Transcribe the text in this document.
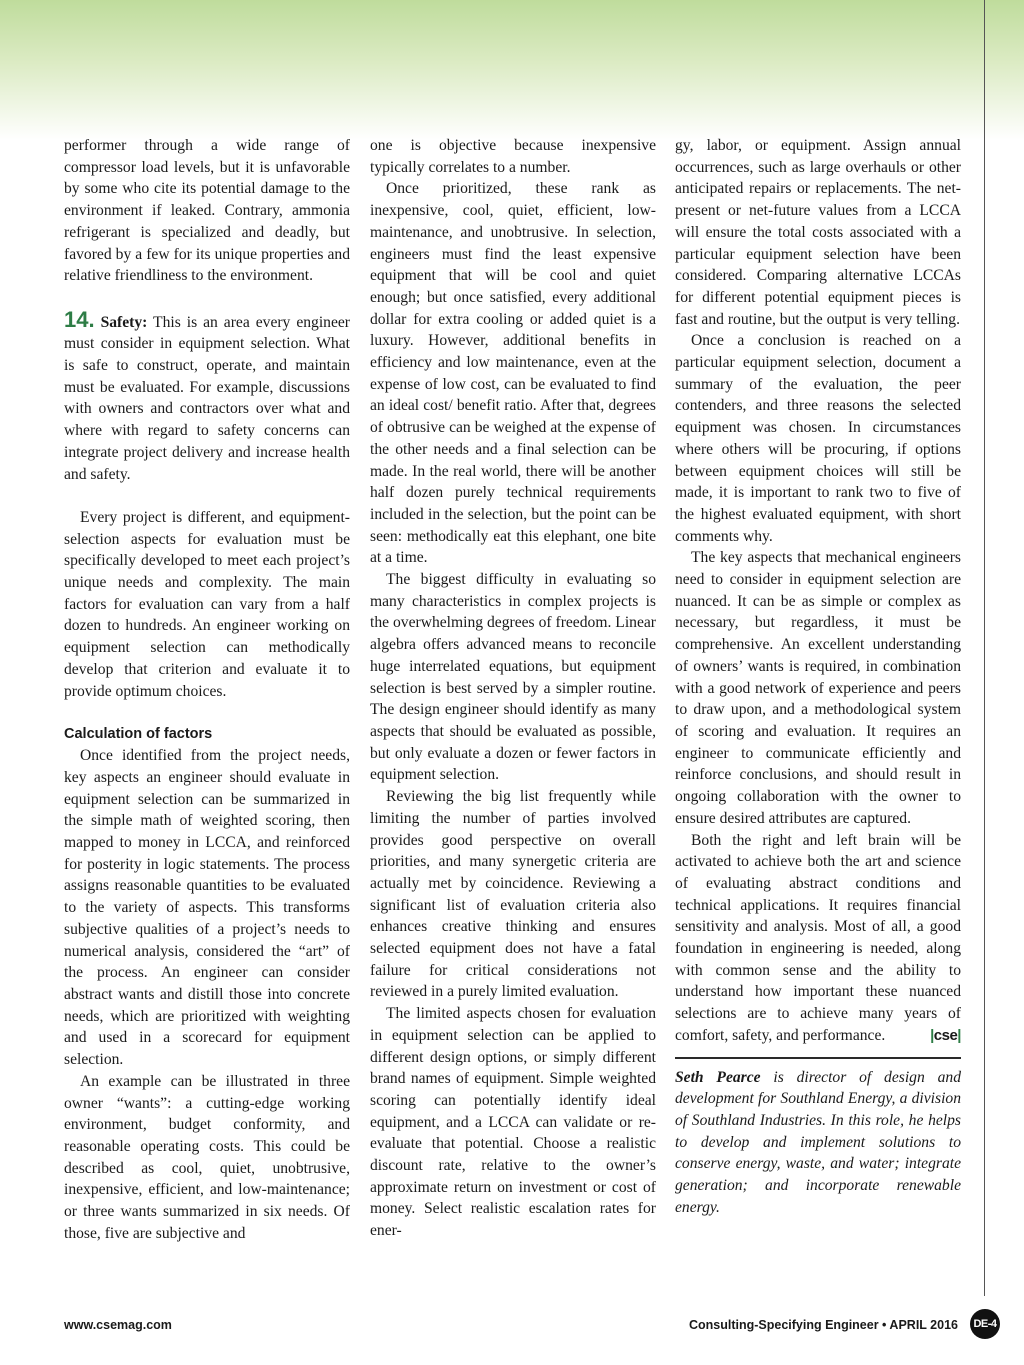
performer through a wide range of compressor load levels, but it is unfavorable by some who cite its potential damage to the environment if leaked. Contrary, ammonia refrigerant is specialized and deadly, but favored by a few for its unique properties and relative friendliness to the environment.

14. Safety: This is an area every engineer must consider in equipment selection. What is safe to construct, operate, and maintain must be evaluated. For example, discussions with owners and contractors over what and where with regard to safety concerns can integrate project delivery and increase health and safety.

Every project is different, and equipment-selection aspects for evaluation must be specifically developed to meet each project’s unique needs and complexity. The main factors for evaluation can vary from a half dozen to hundreds. An engineer working on equipment selection can methodically develop that criterion and evaluate it to provide optimum choices.

Calculation of factors

Once identified from the project needs, key aspects an engineer should evaluate in equipment selection can be summarized in the simple math of weighted scoring, then mapped to money in LCCA, and reinforced for posterity in logic statements. The process assigns reasonable quantities to be evaluated to the variety of aspects. This transforms subjective qualities of a project’s needs to numerical analysis, considered the “art” of the process. An engineer can consider abstract wants and distill those into concrete needs, which are prioritized with weighting and used in a scorecard for equipment selection.

An example can be illustrated in three owner “wants”: a cutting-edge working environment, budget conformity, and reasonable operating costs. This could be described as cool, quiet, unobtrusive, inexpensive, efficient, and low-maintenance; or three wants summarized in six needs. Of those, five are subjective and

one is objective because inexpensive typically correlates to a number.

Once prioritized, these rank as inexpensive, cool, quiet, efficient, low-maintenance, and unobtrusive. In selection, engineers must find the least expensive equipment that will be cool and quiet enough; but once satisfied, every additional dollar for extra cooling or added quiet is a luxury. However, additional benefits in efficiency and low maintenance, even at the expense of low cost, can be evaluated to find an ideal cost/ benefit ratio. After that, degrees of obtrusive can be weighed at the expense of the other needs and a final selection can be made. In the real world, there will be another half dozen purely technical requirements included in the selection, but the point can be seen: methodically eat this elephant, one bite at a time.

The biggest difficulty in evaluating so many characteristics in complex projects is the overwhelming degrees of freedom. Linear algebra offers advanced means to reconcile huge interrelated equations, but equipment selection is best served by a simpler routine. The design engineer should identify as many aspects that should be evaluated as possible, but only evaluate a dozen or fewer factors in equipment selection.

Reviewing the big list frequently while limiting the number of parties involved provides good perspective on overall priorities, and many synergetic criteria are actually met by coincidence. Reviewing a significant list of evaluation criteria also enhances creative thinking and ensures selected equipment does not have a fatal failure for critical considerations not reviewed in a purely limited evaluation.

The limited aspects chosen for evaluation in equipment selection can be applied to different design options, or simply different brand names of equipment. Simple weighted scoring can potentially identify ideal equipment, and a LCCA can validate or re-evaluate that potential. Choose a realistic discount rate, relative to the owner’s approximate return on investment or cost of money. Select realistic escalation rates for ener-

gy, labor, or equipment. Assign annual occurrences, such as large overhauls or other anticipated repairs or replacements. The net-present or net-future values from a LCCA will ensure the total costs associated with a particular equipment selection have been considered. Comparing alternative LCCAs for different potential equipment pieces is fast and routine, but the output is very telling.

Once a conclusion is reached on a particular equipment selection, document a summary of the evaluation, the peer contenders, and three reasons the selected equipment was chosen. In circumstances where others will be procuring, if options between equipment choices will still be made, it is important to rank two to five of the highest evaluated equipment, with short comments why.

The key aspects that mechanical engineers need to consider in equipment selection are nuanced. It can be as simple or complex as necessary, but regardless, it must be comprehensive. An excellent understanding of owners’ wants is required, in combination with a good network of experience and peers to draw upon, and a methodological system of scoring and evaluation. It requires an engineer to communicate efficiently and reinforce conclusions, and should result in ongoing collaboration with the owner to ensure desired attributes are captured.

Both the right and left brain will be activated to achieve both the art and science of evaluating abstract conditions and technical applications. It requires financial sensitivity and analysis. Most of all, a good foundation in engineering is needed, along with common sense and the ability to understand how important these nuanced selections are to achieve many years of comfort, safety, and performance.	|cse|

Seth Pearce is director of design and development for Southland Energy, a division of Southland Industries. In this role, he helps to develop and implement solutions to conserve energy, waste, and water; integrate generation; and incorporate renewable energy.

www.csemag.com	Consulting-Specifying Engineer • APRIL 2016	DE-4
